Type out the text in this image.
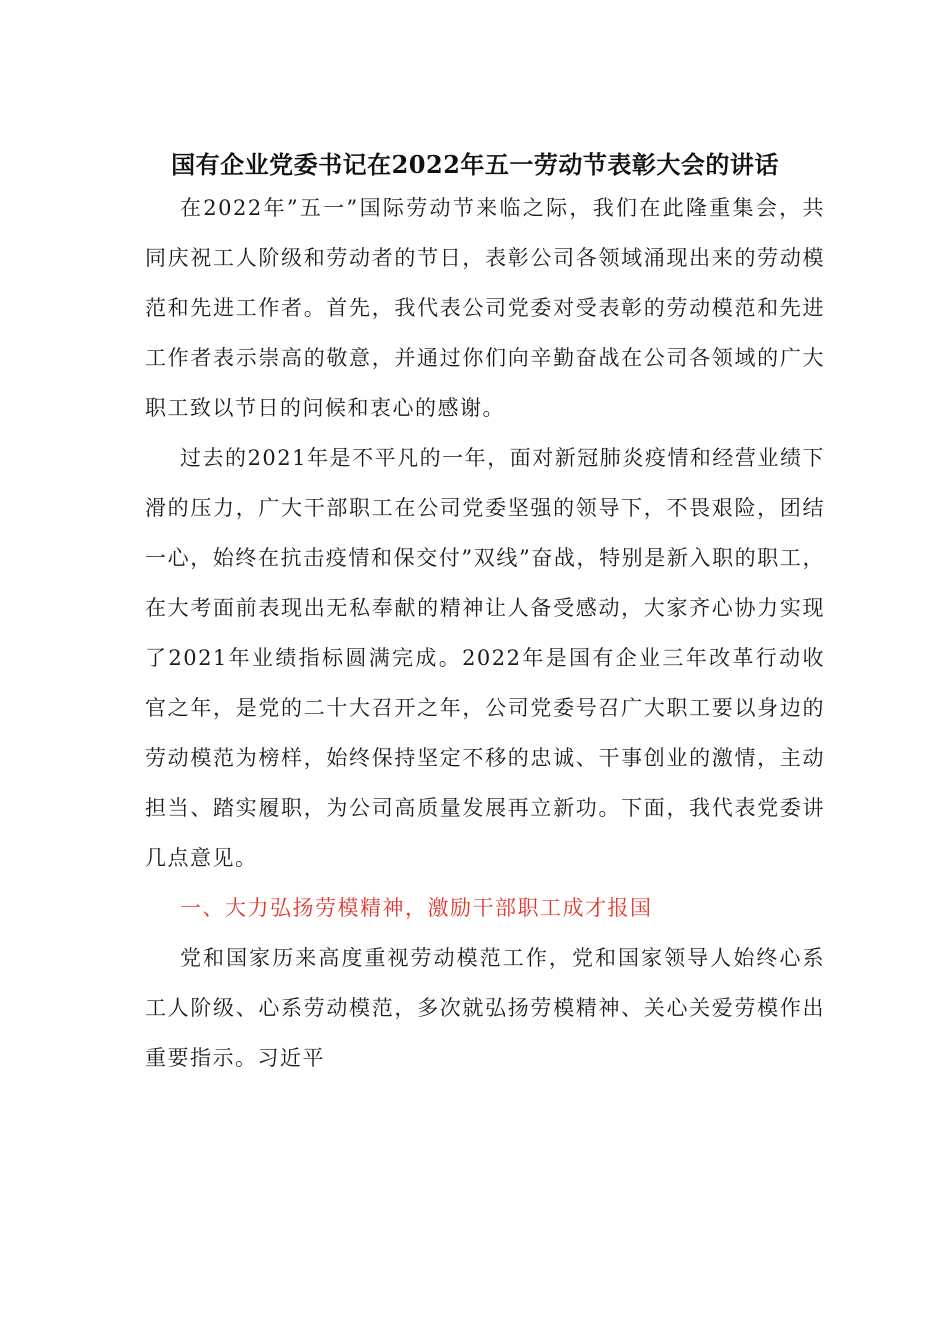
国有企业党委书记在2022年五一劳动节表彰大会的讲话

在2022年”五一”国际劳动节来临之际，我们在此隆重集会，共同庆祝工人阶级和劳动者的节日，表彰公司各领域涌现出来的劳动模范和先进工作者。首先，我代表公司党委对受表彰的劳动模范和先进工作者表示崇高的敬意，并通过你们向辛勤奋战在公司各领域的广大职工致以节日的问候和衷心的感谢。

过去的2021年是不平凡的一年，面对新冠肺炎疫情和经营业绩下滑的压力，广大干部职工在公司党委坚强的领导下，不畏艰险，团结一心，始终在抗击疫情和保交付”双线”奋战，特别是新入职的职工，在大考面前表现出无私奉献的精神让人备受感动，大家齐心协力实现了2021年业绩指标圆满完成。2022年是国有企业三年改革行动收官之年，是党的二十大召开之年，公司党委号召广大职工要以身边的劳动模范为榜样，始终保持坚定不移的忠诚、干事创业的激情，主动担当、踏实履职，为公司高质量发展再立新功。下面，我代表党委讲几点意见。

一、大力弘扬劳模精神，激励干部职工成才报国

党和国家历来高度重视劳动模范工作，党和国家领导人始终心系工人阶级、心系劳动模范，多次就弘扬劳模精神、关心关爱劳模作出重要指示。习近平
